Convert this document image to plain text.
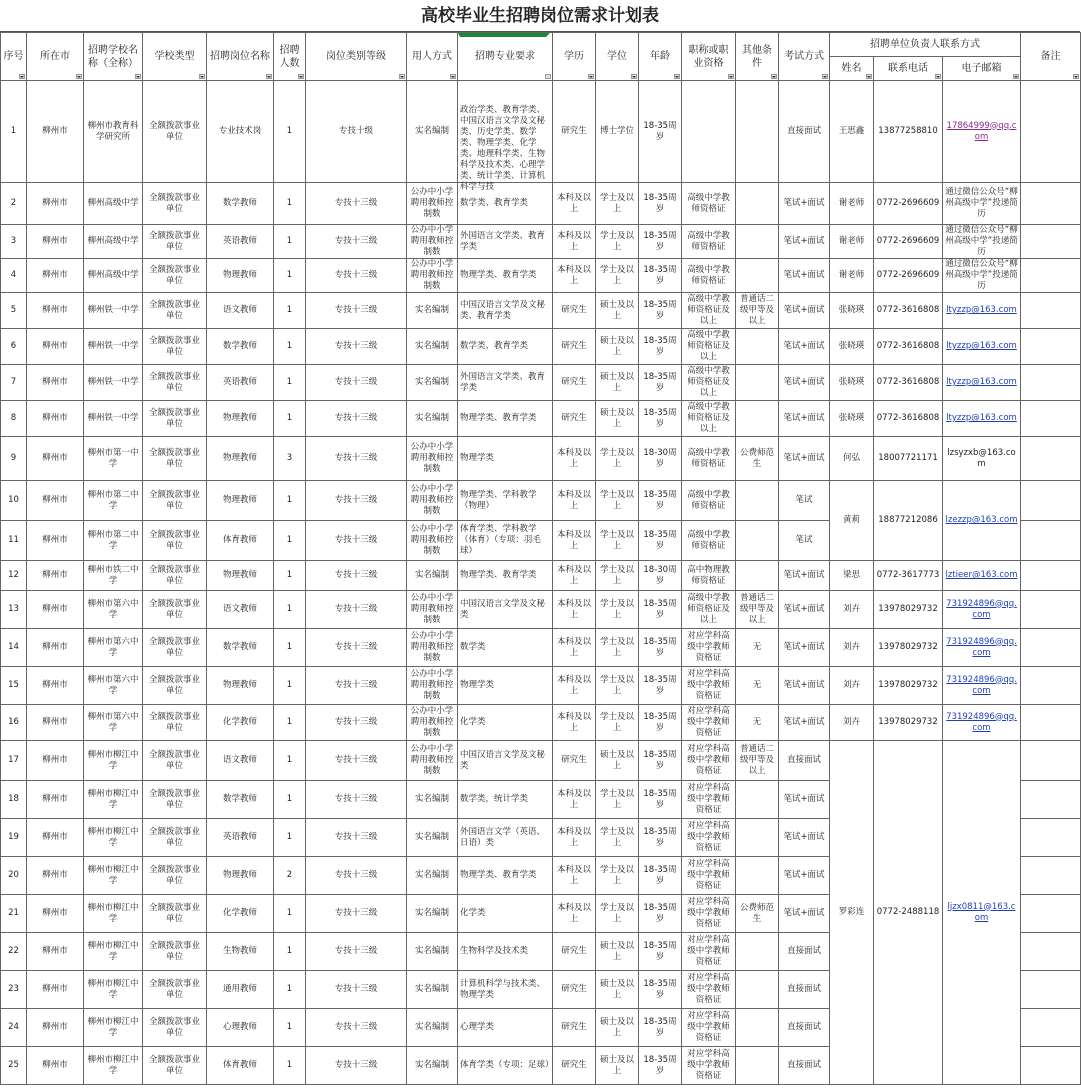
高校毕业生招聘岗位需求计划表
序号	所在市	招聘学校名称（全称）	学校类型	招聘岗位名称	招聘人数	岗位类别等级	用人方式	招聘专业要求	学历	学位	年龄	职称或职业资格	其他条件	考试方式	招聘单位负责人联系方式			备注
															姓名	联系电话	电子邮箱	

1	柳州市	柳州市教育科学研究所	全额拨款事业单位	专业技术岗	1	专技十级	实名编制	政治学类、教育学类、中国汉语言文学及文秘类、历史学类、数学类、物理学类、化学类、地理科学类、生物科学及技术类、心理学类、统计学类、计算机科学与技	研究生	博士学位	18-35周岁			直接面试	王思鑫	13877258810	17864999@qq.com	

2	柳州市	柳州高级中学	全额拨款事业单位	数学教师	1	专技十三级	公办中小学聘用教师控制数	数学类、教育学类	本科及以上	学士及以上	18-35周岁	高级中学教师资格证		笔试+面试	谢老师	0772-2696609	通过微信公众号“柳州高级中学”投递简历	

3	柳州市	柳州高级中学	全额拨款事业单位	英语教师	1	专技十三级	公办中小学聘用教师控制数	外国语言文学类、教育学类	本科及以上	学士及以上	18-35周岁	高级中学教师资格证		笔试+面试	谢老师	0772-2696609	通过微信公众号“柳州高级中学”投递简历	

4	柳州市	柳州高级中学	全额拨款事业单位	物理教师	1	专技十三级	公办中小学聘用教师控制数	物理学类、教育学类	本科及以上	学士及以上	18-35周岁	高级中学教师资格证		笔试+面试	谢老师	0772-2696609	通过微信公众号“柳州高级中学”投递简历	

5	柳州市	柳州铁一中学	全额拨款事业单位	语文教师	1	专技十三级	实名编制	中国汉语言文学及文秘类、教育学类	研究生	硕士及以上	18-35周岁	高级中学教师资格证及以上	普通话二级甲等及以上	笔试+面试	张晓瑛	0772-3616808	ltyzzp@163.com	

6	柳州市	柳州铁一中学	全额拨款事业单位	数学教师	1	专技十三级	实名编制	数学类、教育学类	研究生	硕士及以上	18-35周岁	高级中学教师资格证及以上		笔试+面试	张晓瑛	0772-3616808	ltyzzp@163.com	

7	柳州市	柳州铁一中学	全额拨款事业单位	英语教师	1	专技十三级	实名编制	外国语言文学类、教育学类	研究生	硕士及以上	18-35周岁	高级中学教师资格证及以上		笔试+面试	张晓瑛	0772-3616808	ltyzzp@163.com	

8	柳州市	柳州铁一中学	全额拨款事业单位	物理教师	1	专技十三级	实名编制	物理学类、教育学类	研究生	硕士及以上	18-35周岁	高级中学教师资格证及以上		笔试+面试	张晓瑛	0772-3616808	ltyzzp@163.com	

9	柳州市	柳州市第一中学	全额拨款事业单位	物理教师	3	专技十三级	公办中小学聘用教师控制数	物理学类	本科及以上	学士及以上	18-30周岁	高级中学教师资格证	公费师范生	笔试+面试	何弘	18007721171	lzsyzxb@163.com	

10	柳州市	柳州市第二中学	全额拨款事业单位	物理教师	1	专技十三级	公办中小学聘用教师控制数	物理学类、学科教学（物理）	本科及以上	学士及以上	18-35周岁	高级中学教师资格证		笔试	黄莉	18877212086	lzezzp@163.com	

11	柳州市	柳州市第二中学	全额拨款事业单位	体育教师	1	专技十三级	公办中小学聘用教师控制数	体育学类、学科教学（体育）（专项：羽毛球）	本科及以上	学士及以上	18-35周岁	高级中学教师资格证		笔试				

12	柳州市	柳州市铁二中学	全额拨款事业单位	物理教师	1	专技十三级	实名编制	物理学类、教育学类	本科及以上	学士及以上	18-30周岁	高中物理教师资格证		笔试+面试	梁思	0772-3617773	lztieer@163.com	

13	柳州市	柳州市第六中学	全额拨款事业单位	语文教师	1	专技十三级	公办中小学聘用教师控制数	中国汉语言文学及文秘类	本科及以上	学士及以上	18-35周岁	高级中学教师资格证及以上	普通话二级甲等及以上	笔试+面试	刘卉	13978029732	731924896@qq.com	

14	柳州市	柳州市第六中学	全额拨款事业单位	数学教师	1	专技十三级	公办中小学聘用教师控制数	数学类	本科及以上	学士及以上	18-35周岁	对应学科高级中学教师资格证	无	笔试+面试	刘卉	13978029732	731924896@qq.com	

15	柳州市	柳州市第六中学	全额拨款事业单位	物理教师	1	专技十三级	公办中小学聘用教师控制数	物理学类	本科及以上	学士及以上	18-35周岁	对应学科高级中学教师资格证	无	笔试+面试	刘卉	13978029732	731924896@qq.com	

16	柳州市	柳州市第六中学	全额拨款事业单位	化学教师	1	专技十三级	公办中小学聘用教师控制数	化学类	本科及以上	学士及以上	18-35周岁	对应学科高级中学教师资格证	无	笔试+面试	刘卉	13978029732	731924896@qq.com	

17	柳州市	柳州市柳江中学	全额拨款事业单位	语文教师	1	专技十三级	公办中小学聘用教师控制数	中国汉语言文学及文秘类	研究生	硕士及以上	18-35周岁	对应学科高级中学教师资格证	普通话二级甲等及以上	直接面试	罗彩连	0772-2488118	ljzx0811@163.com	

18	柳州市	柳州市柳江中学	全额拨款事业单位	数学教师	1	专技十三级	实名编制	数学类，统计学类	本科及以上	学士及以上	18-35周岁	对应学科高级中学教师资格证		笔试+面试				

19	柳州市	柳州市柳江中学	全额拨款事业单位	英语教师	1	专技十三级	实名编制	外国语言文学（英语、日语）类	本科及以上	学士及以上	18-35周岁	对应学科高级中学教师资格证		笔试+面试				

20	柳州市	柳州市柳江中学	全额拨款事业单位	物理教师	2	专技十三级	实名编制	物理学类、教育学类	本科及以上	学士及以上	18-35周岁	对应学科高级中学教师资格证		笔试+面试				

21	柳州市	柳州市柳江中学	全额拨款事业单位	化学教师	1	专技十三级	实名编制	化学类	本科及以上	学士及以上	18-35周岁	对应学科高级中学教师资格证	公费师范生	笔试+面试				

22	柳州市	柳州市柳江中学	全额拨款事业单位	生物教师	1	专技十三级	实名编制	生物科学及技术类	研究生	硕士及以上	18-35周岁	对应学科高级中学教师资格证		直接面试				

23	柳州市	柳州市柳江中学	全额拨款事业单位	通用教师	1	专技十三级	实名编制	计算机科学与技术类、物理学类	研究生	硕士及以上	18-35周岁	对应学科高级中学教师资格证		直接面试				

24	柳州市	柳州市柳江中学	全额拨款事业单位	心理教师	1	专技十三级	实名编制	心理学类	研究生	硕士及以上	18-35周岁	对应学科高级中学教师资格证		直接面试				

25	柳州市	柳州市柳江中学	全额拨款事业单位	体育教师	1	专技十三级	实名编制	体育学类（专项：足球）	研究生	硕士及以上	18-35周岁	对应学科高级中学教师资格证		直接面试				
